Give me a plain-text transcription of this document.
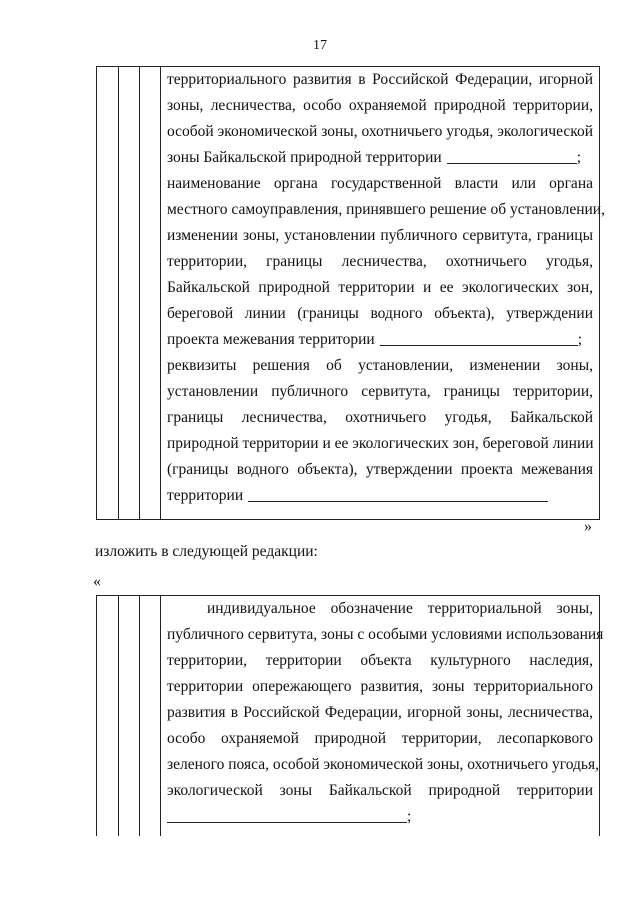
17
территориального развития в Российской Федерации, игорной
зоны, лесничества, особо охраняемой природной территории,
особой экономической зоны, охотничьего угодья, экологической
зоны Байкальской природной территории	;
наименование органа государственной власти или органа
местного самоуправления, принявшего решение об установлении,
изменении зоны, установлении публичного сервитута, границы
территории, границы лесничества, охотничьего угодья,
Байкальской природной территории и ее экологических зон,
береговой линии (границы водного объекта), утверждении
проекта межевания территории	;
реквизиты решения об установлении, изменении зоны,
установлении публичного сервитута, границы территории,
границы лесничества, охотничьего угодья, Байкальской
природной территории и ее экологических зон, береговой линии
(границы водного объекта), утверждении проекта межевания
территории
»
изложить в следующей редакции:
«
индивидуальное обозначение территориальной зоны,
публичного сервитута, зоны с особыми условиями использования
территории, территории объекта культурного наследия,
территории опережающего развития, зоны территориального
развития в Российской Федерации, игорной зоны, лесничества,
особо охраняемой природной территории, лесопаркового
зеленого пояса, особой экономической зоны, охотничьего угодья,
экологической зоны Байкальской природной территории
;
